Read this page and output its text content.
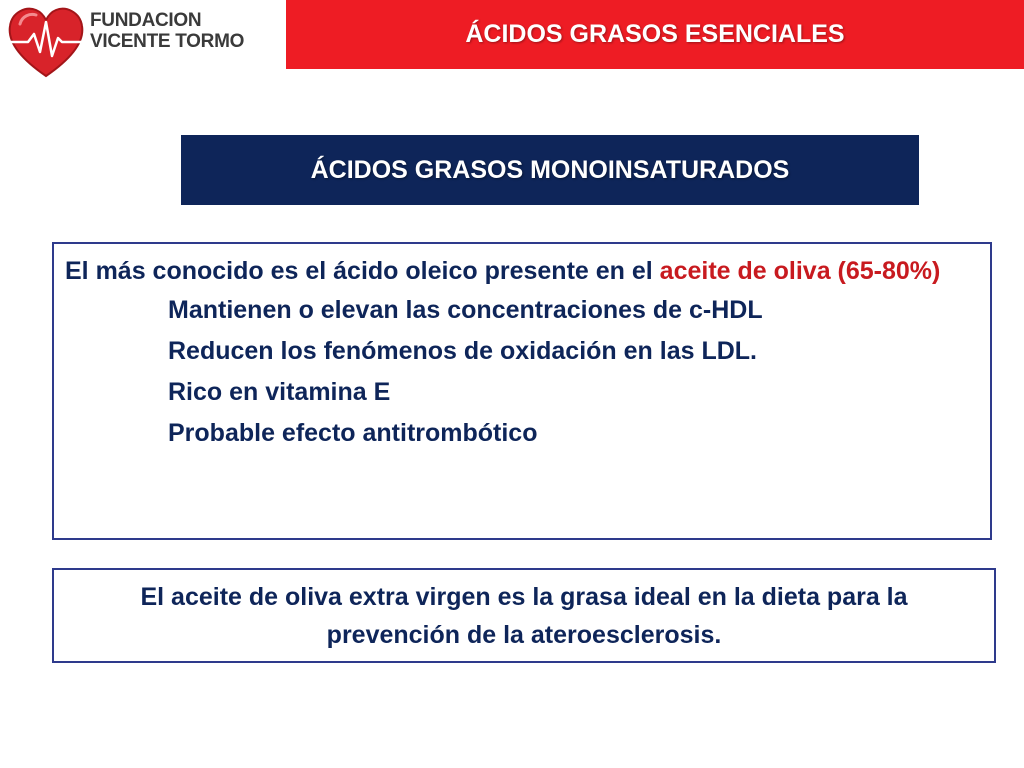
FUNDACION
VICENTE TORMO	ÁCIDOS GRASOS ESENCIALES
ÁCIDOS GRASOS MONOINSATURADOS

El más conocido es el ácido oleico presente en el aceite de oliva (65-80%)

Mantienen o elevan las concentraciones de c-HDL

Reducen los fenómenos de oxidación en las LDL.

Rico en vitamina E

Probable efecto antitrombótico

El aceite de oliva extra virgen es la grasa ideal en la dieta para la prevención de la ateroesclerosis.
